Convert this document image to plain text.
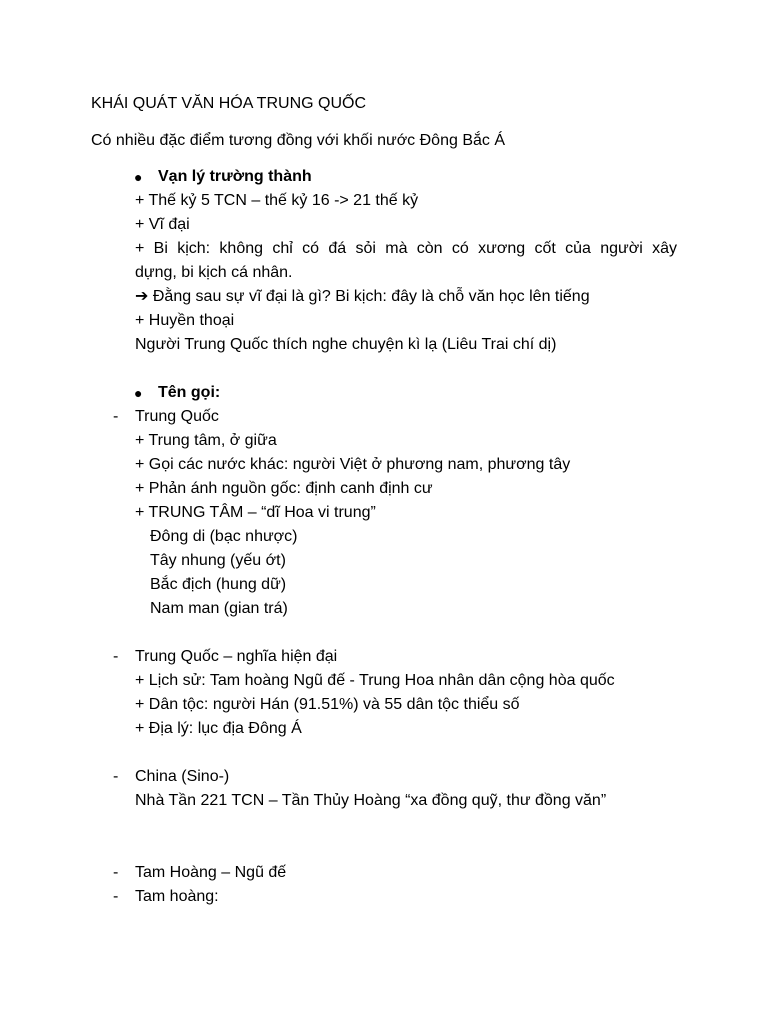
KHÁI QUÁT VĂN HÓA TRUNG QUỐC
Có nhiều đặc điểm tương đồng với khối nước Đông Bắc Á
● Vạn lý trường thành
+ Thế kỷ 5 TCN – thế kỷ 16 -> 21 thế kỷ
+ Vĩ đại
+ Bi kịch: không chỉ có đá sỏi mà còn có xương cốt của người xây
dựng, bi kịch cá nhân.
➔ Đằng sau sự vĩ đại là gì? Bi kịch: đây là chỗ văn học lên tiếng
+ Huyền thoại
Người Trung Quốc thích nghe chuyện kì lạ (Liêu Trai chí dị)
● Tên gọi:
- Trung Quốc
+ Trung tâm, ở giữa
+ Gọi các nước khác: người Việt ở phương nam, phương tây
+ Phản ánh nguồn gốc: định canh định cư
+ TRUNG TÂM – “dĩ Hoa vi trung”
Đông di (bạc nhược)
Tây nhung (yếu ớt)
Bắc địch (hung dữ)
Nam man (gian trá)
- Trung Quốc – nghĩa hiện đại
+ Lịch sử: Tam hoàng Ngũ đế - Trung Hoa nhân dân cộng hòa quốc
+ Dân tộc: người Hán (91.51%) và 55 dân tộc thiểu số
+ Địa lý: lục địa Đông Á
- China (Sino-)
Nhà Tần 221 TCN – Tần Thủy Hoàng “xa đồng quỹ, thư đồng văn”
- Tam Hoàng – Ngũ đế
- Tam hoàng:
